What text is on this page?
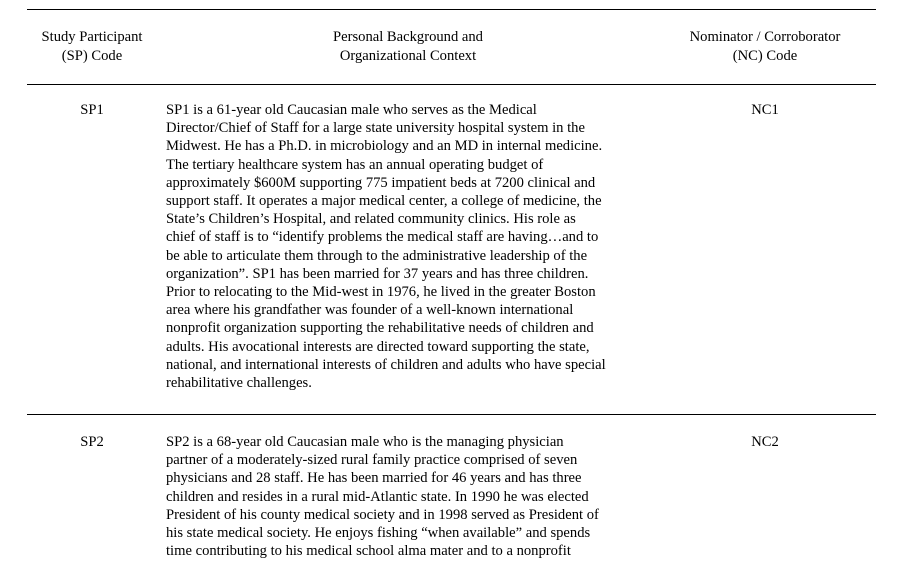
Study Participant
(SP) Code
Personal Background and
Organizational Context
Nominator / Corroborator
(NC) Code
SP1	SP1 is a 61-year old Caucasian male who serves as the Medical
Director/Chief of Staff for a large state university hospital system in the
Midwest. He has a Ph.D. in microbiology and an MD in internal medicine.
The tertiary healthcare system has an annual operating budget of
approximately $600M supporting 775 impatient beds at 7200 clinical and
support staff. It operates a major medical center, a college of medicine, the
State’s Children’s Hospital, and related community clinics. His role as
chief of staff is to “identify problems the medical staff are having…and to
be able to articulate them through to the administrative leadership of the
organization”. SP1 has been married for 37 years and has three children.
Prior to relocating to the Mid-west in 1976, he lived in the greater Boston
area where his grandfather was founder of a well-known international
nonprofit organization supporting the rehabilitative needs of children and
adults. His avocational interests are directed toward supporting the state,
national, and international interests of children and adults who have special
rehabilitative challenges.
NC1
SP2	SP2 is a 68-year old Caucasian male who is the managing physician
partner of a moderately-sized rural family practice comprised of seven
physicians and 28 staff. He has been married for 46 years and has three
children and resides in a rural mid-Atlantic state. In 1990 he was elected
President of his county medical society and in 1998 served as President of
his state medical society. He enjoys fishing “when available” and spends
time contributing to his medical school alma mater and to a nonprofit
NC2
